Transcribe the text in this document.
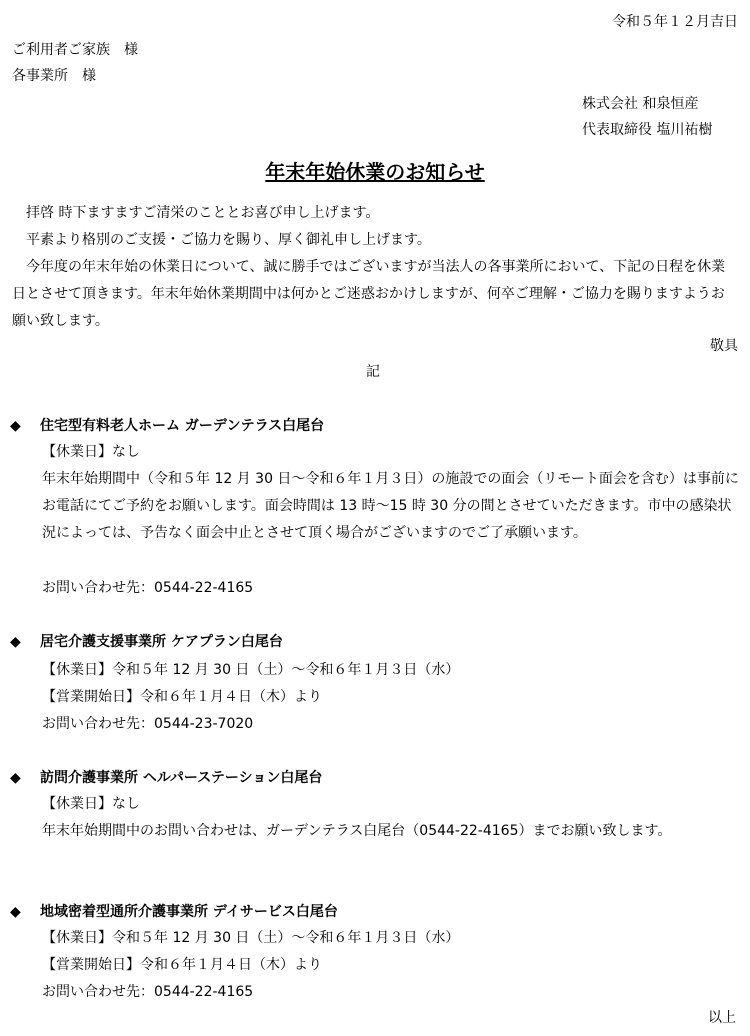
令和５年１２月吉日
ご利用者ご家族　様
各事業所　様
株式会社 和泉恒産
代表取締役 塩川祐樹
年末年始休業のお知らせ
拝啓 時下ますますご清栄のこととお喜び申し上げます。
平素より格別のご支援・ご協力を賜り、厚く御礼申し上げます。
今年度の年末年始の休業日について、誠に勝手ではございますが当法人の各事業所において、下記の日程を休業日とさせて頂きます。年末年始休業期間中は何かとご迷惑おかけしますが、何卒ご理解・ご協力を賜りますようお願い致します。
敬具
記
◆ 住宅型有料老人ホーム ガーデンテラス白尾台
【休業日】なし
年末年始期間中（令和５年 12 月 30 日～令和６年１月３日）の施設での面会（リモート面会を含む）は事前にお電話にてご予約をお願いします。面会時間は 13 時～15 時 30 分の間とさせていただきます。市中の感染状況によっては、予告なく面会中止とさせて頂く場合がございますのでご了承願います。
お問い合わせ先：0544-22-4165
◆ 居宅介護支援事業所 ケアプラン白尾台
【休業日】令和５年 12 月 30 日（土）～令和６年１月３日（水）
【営業開始日】令和６年１月４日（木）より
お問い合わせ先：0544-23-7020
◆ 訪問介護事業所 ヘルパーステーション白尾台
【休業日】なし
年末年始期間中のお問い合わせは、ガーデンテラス白尾台（0544-22-4165）までお願い致します。
◆ 地域密着型通所介護事業所 デイサービス白尾台
【休業日】令和５年 12 月 30 日（土）～令和６年１月３日（水）
【営業開始日】令和６年１月４日（木）より
お問い合わせ先：0544-22-4165
以上
